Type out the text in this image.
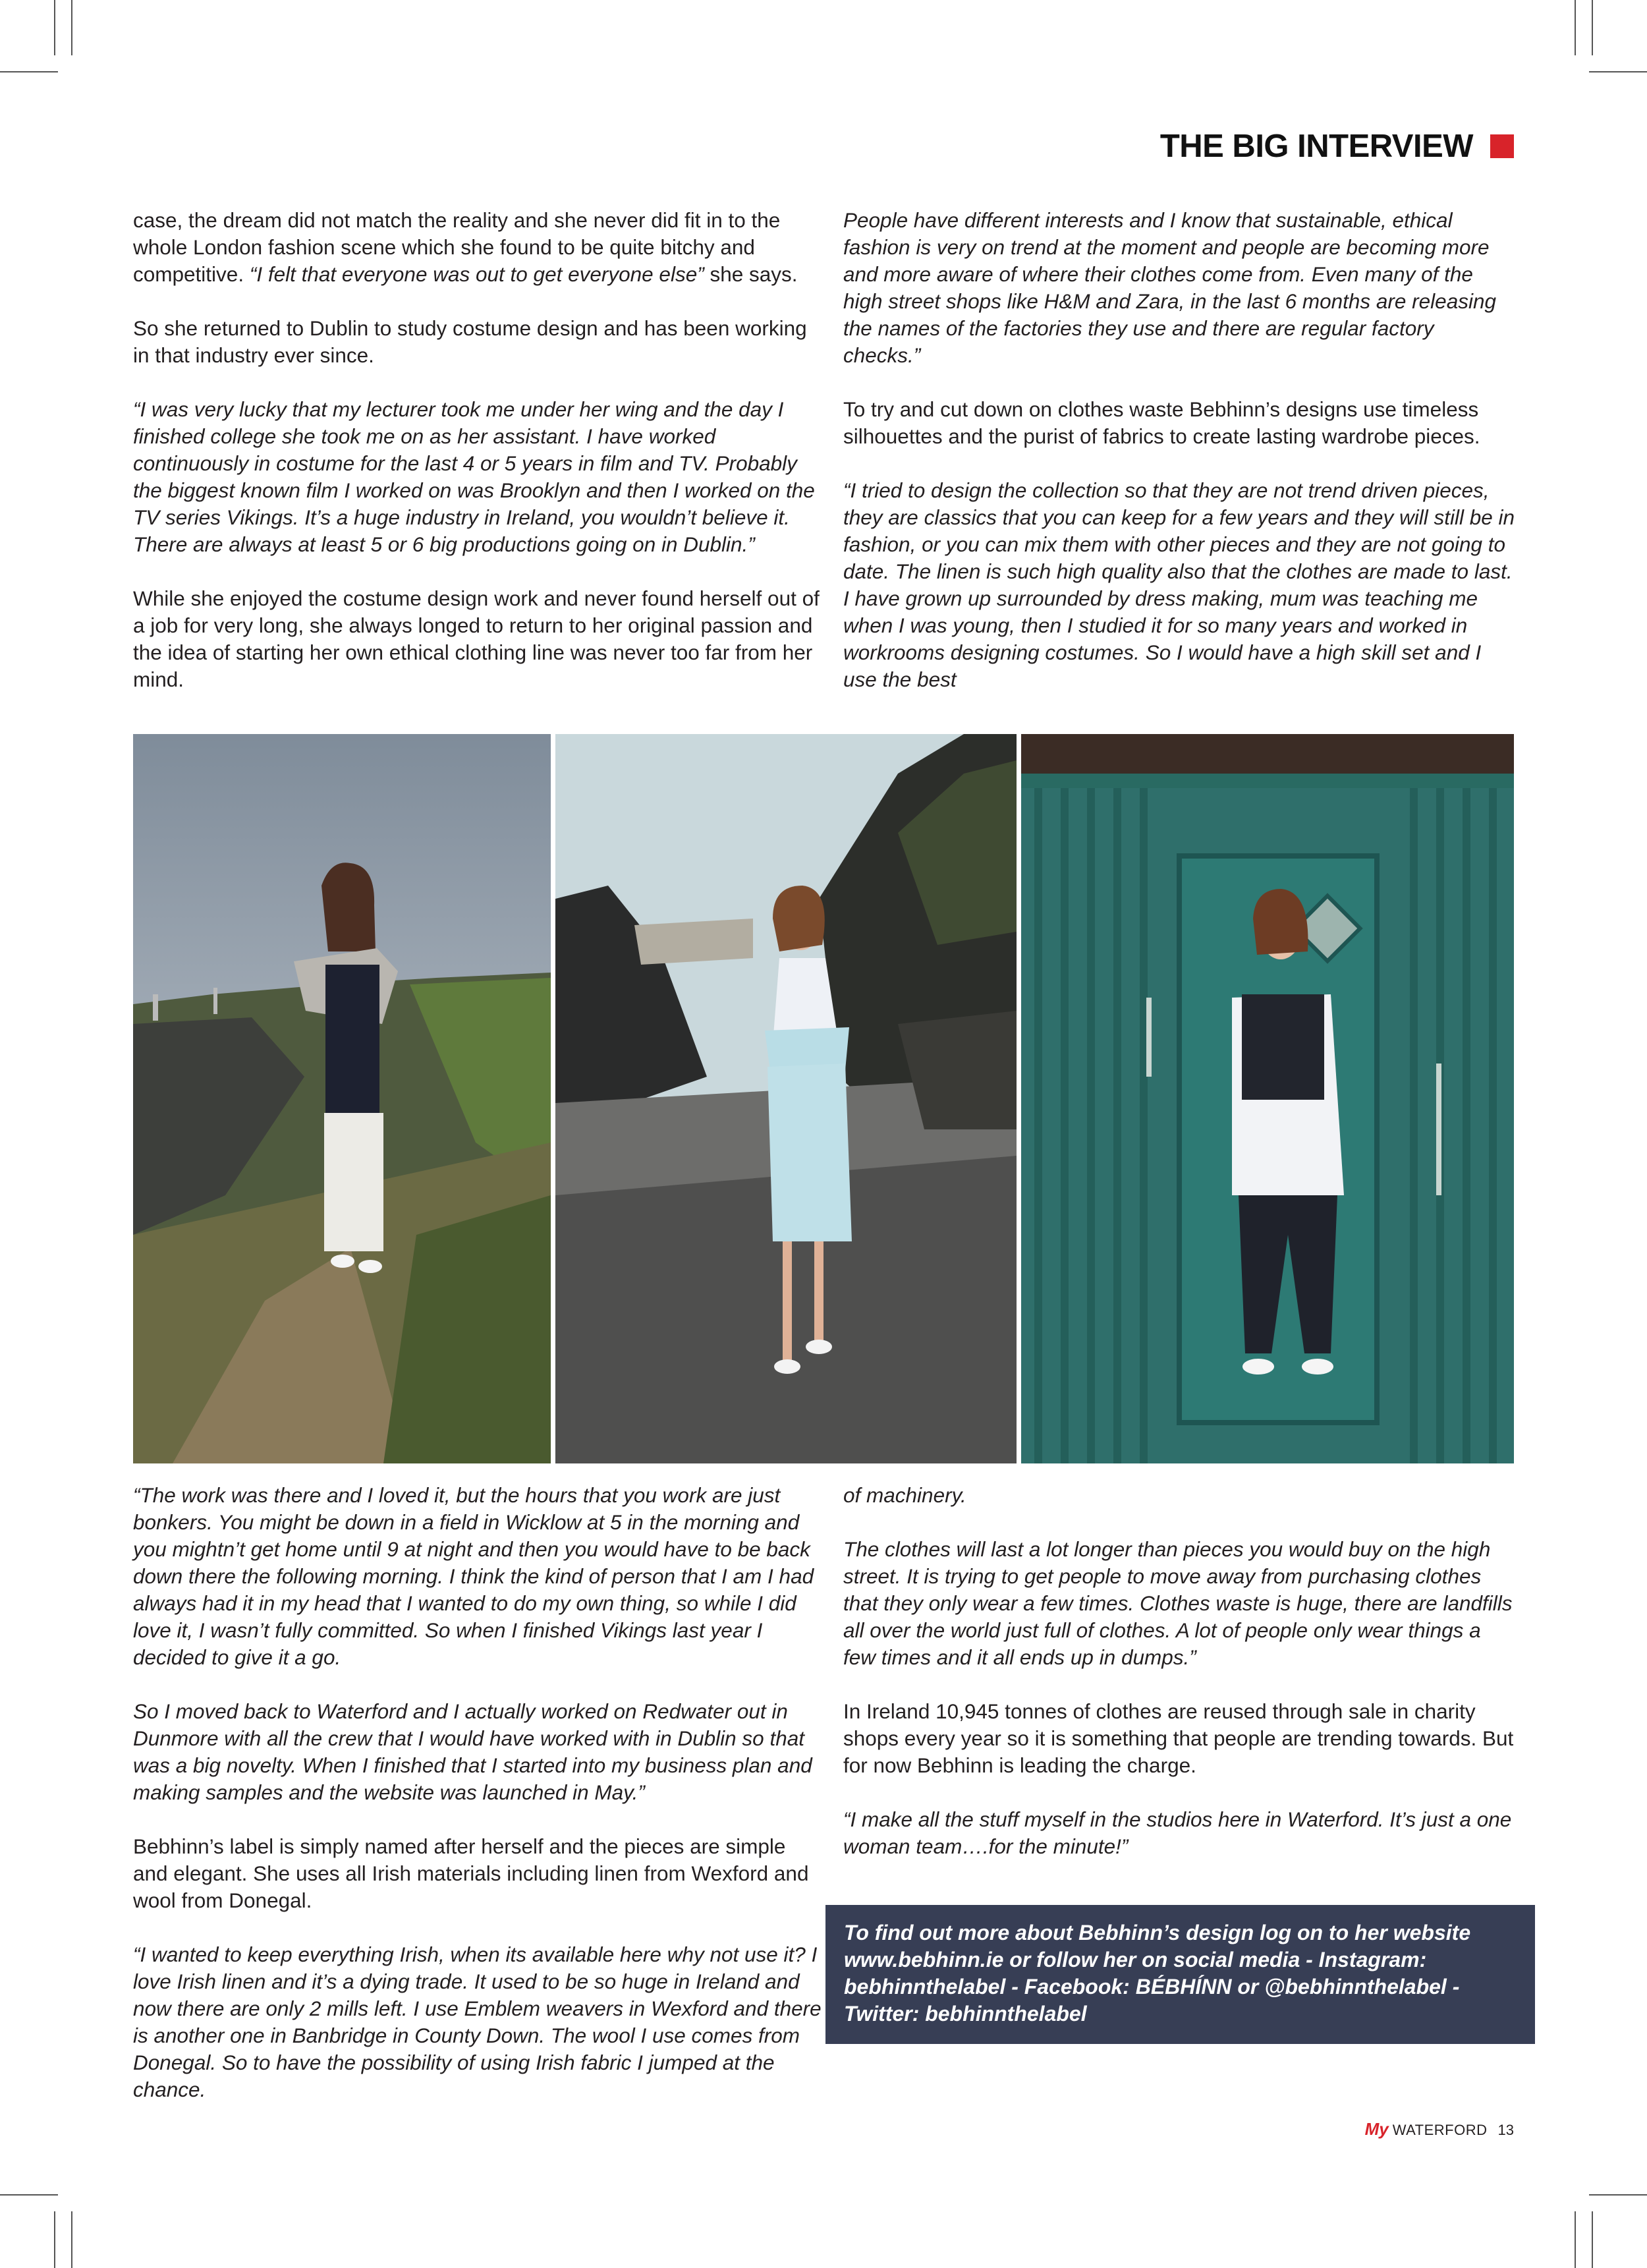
THE BIG INTERVIEW

case, the dream did not match the reality and she never did fit in to the whole London fashion scene which she found to be quite bitchy and competitive. “I felt that everyone was out to get everyone else” she says.

So she returned to Dublin to study costume design and has been working in that industry ever since.

“I was very lucky that my lecturer took me under her wing and the day I finished college she took me on as her assistant. I have worked continuously in costume for the last 4 or 5 years in film and TV. Probably the biggest known film I worked on was Brooklyn and then I worked on the TV series Vikings. It’s a huge industry in Ireland, you wouldn’t believe it. There are always at least 5 or 6 big productions going on in Dublin.”

While she enjoyed the costume design work and never found herself out of a job for very long, she always longed to return to her original passion and the idea of starting her own ethical clothing line was never too far from her mind.

People have different interests and I know that sustainable, ethical fashion is very on trend at the moment and people are becoming more and more aware of where their clothes come from. Even many of the high street shops like H&M and Zara, in the last 6 months are releasing the names of the factories they use and there are regular factory checks.”

To try and cut down on clothes waste Bebhinn’s designs use timeless silhouettes and the purist of fabrics to create lasting wardrobe pieces.

“I tried to design the collection so that they are not trend driven pieces, they are classics that you can keep for a few years and they will still be in fashion, or you can mix them with other pieces and they are not going to date. The linen is such high quality also that the clothes are made to last. I have grown up surrounded by dress making, mum was teaching me when I was young, then I studied it for so many years and worked in workrooms designing costumes. So I would have a high skill set and I use the best

“The work was there and I loved it, but the hours that you work are just bonkers. You might be down in a field in Wicklow at 5 in the morning and you mightn’t get home until 9 at night and then you would have to be back down there the following morning. I think the kind of person that I am I had always had it in my head that I wanted to do my own thing, so while I did love it, I wasn’t fully committed. So when I finished Vikings last year I decided to give it a go.

So I moved back to Waterford and I actually worked on Redwater out in Dunmore with all the crew that I would have worked with in Dublin so that was a big novelty. When I finished that I started into my business plan and making samples and the website was launched in May.”

Bebhinn’s label is simply named after herself and the pieces are simple and elegant. She uses all Irish materials including linen from Wexford and wool from Donegal.

“I wanted to keep everything Irish, when its available here why not use it? I love Irish linen and it’s a dying trade. It used to be so huge in Ireland and now there are only 2 mills left. I use Emblem weavers in Wexford and there is another one in Banbridge in County Down. The wool I use comes from Donegal. So to have the possibility of using Irish fabric I jumped at the chance.

of machinery.

The clothes will last a lot longer than pieces you would buy on the high street. It is trying to get people to move away from purchasing clothes that they only wear a few times. Clothes waste is huge, there are landfills all over the world just full of clothes. A lot of people only wear things a few times and it all ends up in dumps.”

In Ireland 10,945 tonnes of clothes are reused through sale in charity shops every year so it is something that people are trending towards. But for now Bebhinn is leading the charge.

“I make all the stuff myself in the studios here in Waterford. It’s just a one woman team….for the minute!”

To find out more about Bebhinn’s design log on to her website www.bebhinn.ie or follow her on social media - Instagram: bebhinnthelabel - Facebook: BÉBHÍNN or @bebhinnthelabel - Twitter: bebhinnthelabel
My WATERFORD 13
